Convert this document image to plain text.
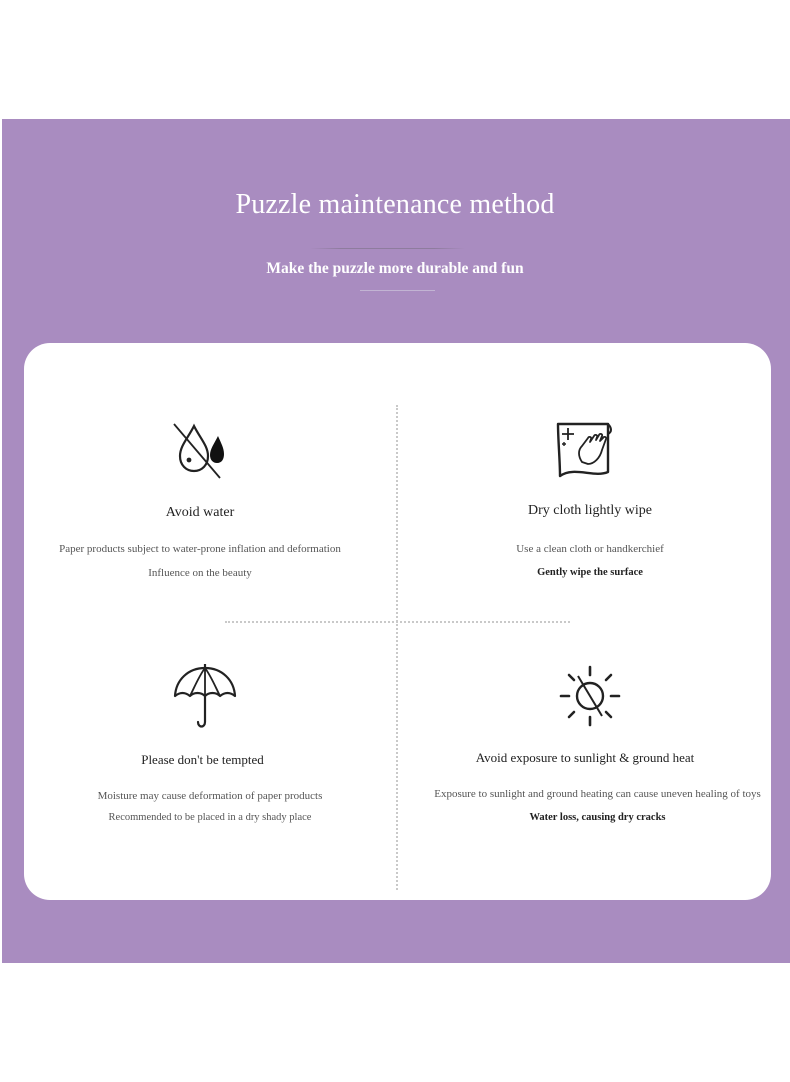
Puzzle maintenance method
Make the puzzle more durable and fun
Avoid water
Paper products subject to water-prone inflation and deformation
Influence on the beauty
Dry cloth lightly wipe
Use a clean cloth or handkerchief
Gently wipe the surface
Please don't be tempted
Moisture may cause deformation of paper products
Recommended to be placed in a dry shady place
Avoid exposure to sunlight & ground heat
Exposure to sunlight and ground heating can cause uneven healing of toys
Water loss, causing dry cracks
